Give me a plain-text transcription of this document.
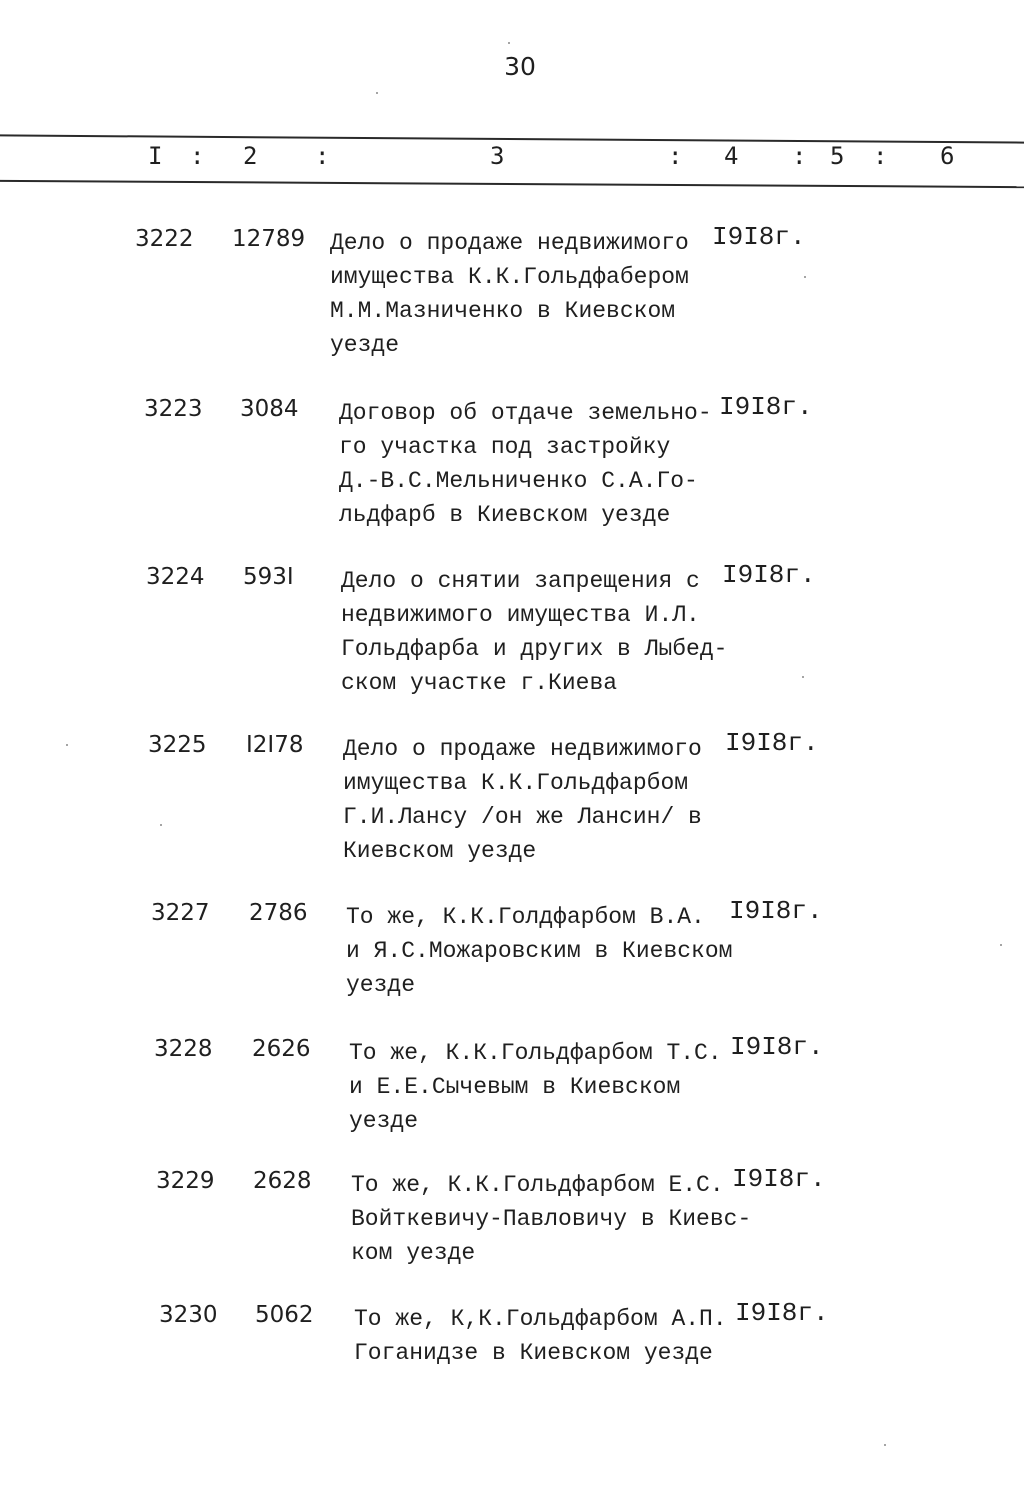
30
I : 2 :	3	: 4 : 5 : 6
3222	12789	Дело о продаже недвижимого
имущества К.К.Гольдфабером
М.М.Мазниченко в Киевском
уезде
I9I8г.
3223	3084	Договор об отдаче земельно-
го участка под застройку
Д.-В.С.Мельниченко С.А.Го-
льдфарб в Киевском уезде
I9I8г.
3224	593I	Дело о снятии запрещения с
недвижимого имущества И.Л.
Гольдфарба и других в Лыбед-
ском участке г.Киева
I9I8г.
3225	I2I78	Дело о продаже недвижимого
имущества К.К.Гольдфарбом
Г.И.Лансу /он же Лансин/ в
Киевском уезде
I9I8г.
3227	2786	То же, К.К.Голдфарбом В.А.
и Я.С.Можаровским в Киевском
уезде
I9I8г.
3228	2626	То же, К.К.Гольдфарбом Т.С.
и Е.Е.Сычевым в Киевском
уезде
I9I8г.
3229	2628	То же, К.К.Гольдфарбом Е.С.
Войткевичу-Павловичу в Киевс-
ком уезде
I9I8г.
3230	5062	То же, К,К.Гольдфарбом А.П.
Гоганидзе в Киевском уезде
I9I8г.
